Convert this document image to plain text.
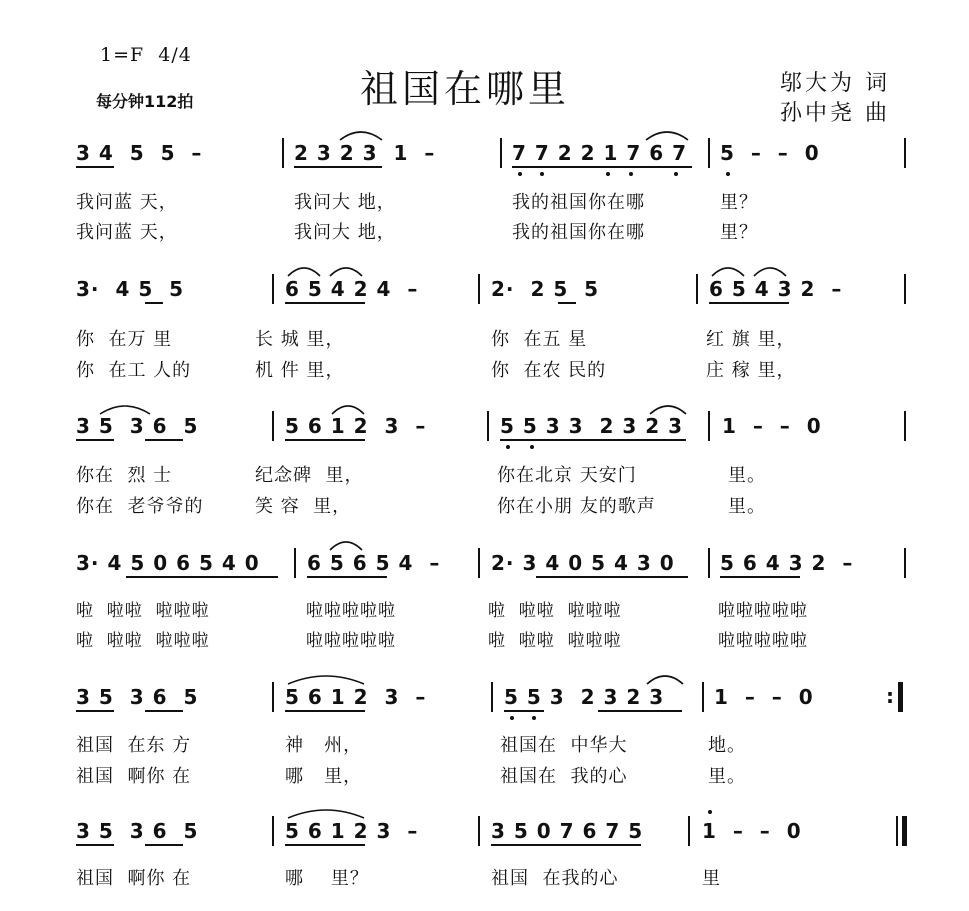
1=F  4/4
每分钟112拍	祖国在哪里	邬大为 词
孙中尧 曲
3 4  5  5  –	2 3 2 3  1  –	7 7 2 2 1 7 6 7 5  –  –  0
我问蓝 天，	我问大 地，	我的祖国你在哪	里？
我问蓝 天，	我问大 地，	我的祖国你在哪	里？
3·  4 5  5	6 5 4 2 4  –	2·  2 5  5	6 5 4 3 2  –
你  在万 里	长 城 里，	你  在五 星	红 旗 里，
你  在工 人的	机 件 里，	你  在农 民的	庄 稼 里，
3 5  3 6  5	5 6 1 2  3  –	5 5 3 3  2 3 2 3 1  –  –  0
你在  烈 士	纪念碑  里，	你在北京 天安门	里。
你在  老爷爷的	笑 容  里，	你在小朋 友的歌声	里。
3· 4 5 0 6 5 4 0 6 5 6 5 4  –	2· 3 4 0 5 4 3 0 5 6 4 3 2  –
啦  啦啦  啦啦啦	啦啦啦啦啦	啦  啦啦  啦啦啦	啦啦啦啦啦
啦  啦啦  啦啦啦	啦啦啦啦啦	啦  啦啦  啦啦啦	啦啦啦啦啦
3 5  3 6  5	5 6 1 2  3  –	5 5 3  2 3 2 3 1  –  –  0	:
祖国  在东 方	神   州，	祖国在  中华大	地。
祖国  啊你 在	哪   里，	祖国在  我的心	里。
3 5  3 6  5	5 6 1 2 3  –	3 5 0 7 6 7 5	1  –  –  0
祖国  啊你 在	哪    里？	祖国  在我的心	里
